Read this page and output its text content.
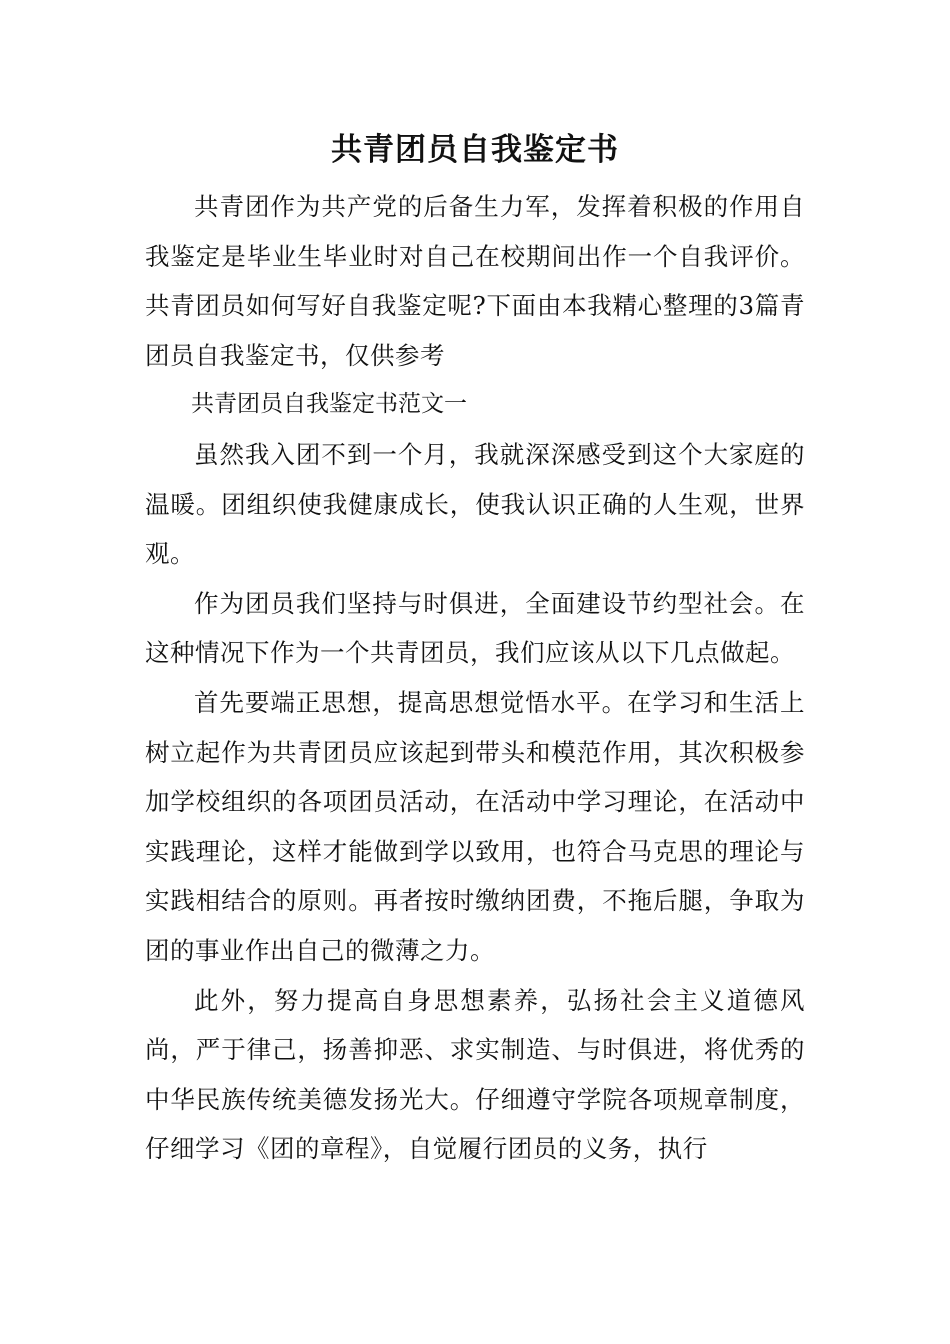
共青团员自我鉴定书

共青团作为共产党的后备生力军，发挥着积极的作用自我鉴定是毕业生毕业时对自己在校期间出作一个自我评价。共青团员如何写好自我鉴定呢?下面由本我精心整理的3篇青团员自我鉴定书，仅供参考

共青团员自我鉴定书范文一

虽然我入团不到一个月，我就深深感受到这个大家庭的温暖。团组织使我健康成长，使我认识正确的人生观，世界观。

作为团员我们坚持与时俱进，全面建设节约型社会。在这种情况下作为一个共青团员，我们应该从以下几点做起。

首先要端正思想，提高思想觉悟水平。在学习和生活上树立起作为共青团员应该起到带头和模范作用，其次积极参加学校组织的各项团员活动，在活动中学习理论，在活动中实践理论，这样才能做到学以致用，也符合马克思的理论与实践相结合的原则。再者按时缴纳团费，不拖后腿，争取为团的事业作出自己的微薄之力。

此外，努力提高自身思想素养，弘扬社会主义道德风尚，严于律己，扬善抑恶、求实制造、与时俱进，将优秀的中华民族传统美德发扬光大。仔细遵守学院各项规章制度，仔细学习《团的章程》，自觉履行团员的义务，执行
